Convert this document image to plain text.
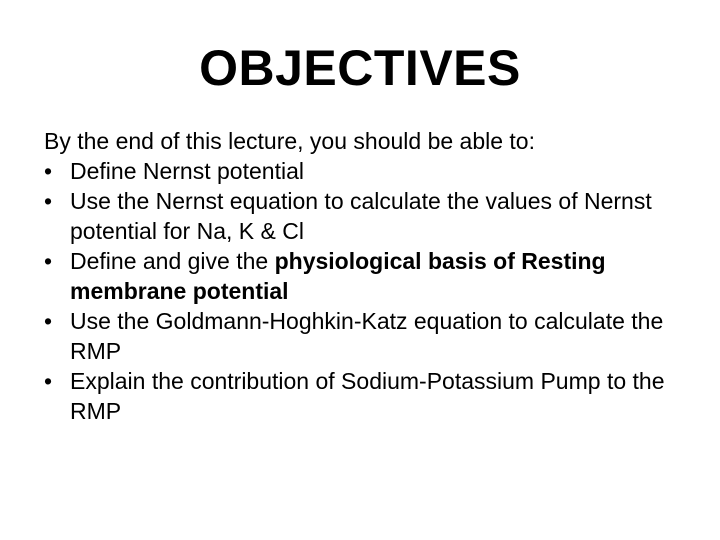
OBJECTIVES

By the end of this lecture, you should be able to:

• Define Nernst potential
• Use the Nernst equation to calculate the values of Nernst potential for Na, K & Cl
• Define and give the physiological basis of Resting membrane potential
• Use the Goldmann-Hoghkin-Katz equation to calculate the RMP
• Explain the contribution of Sodium-Potassium Pump to the RMP
